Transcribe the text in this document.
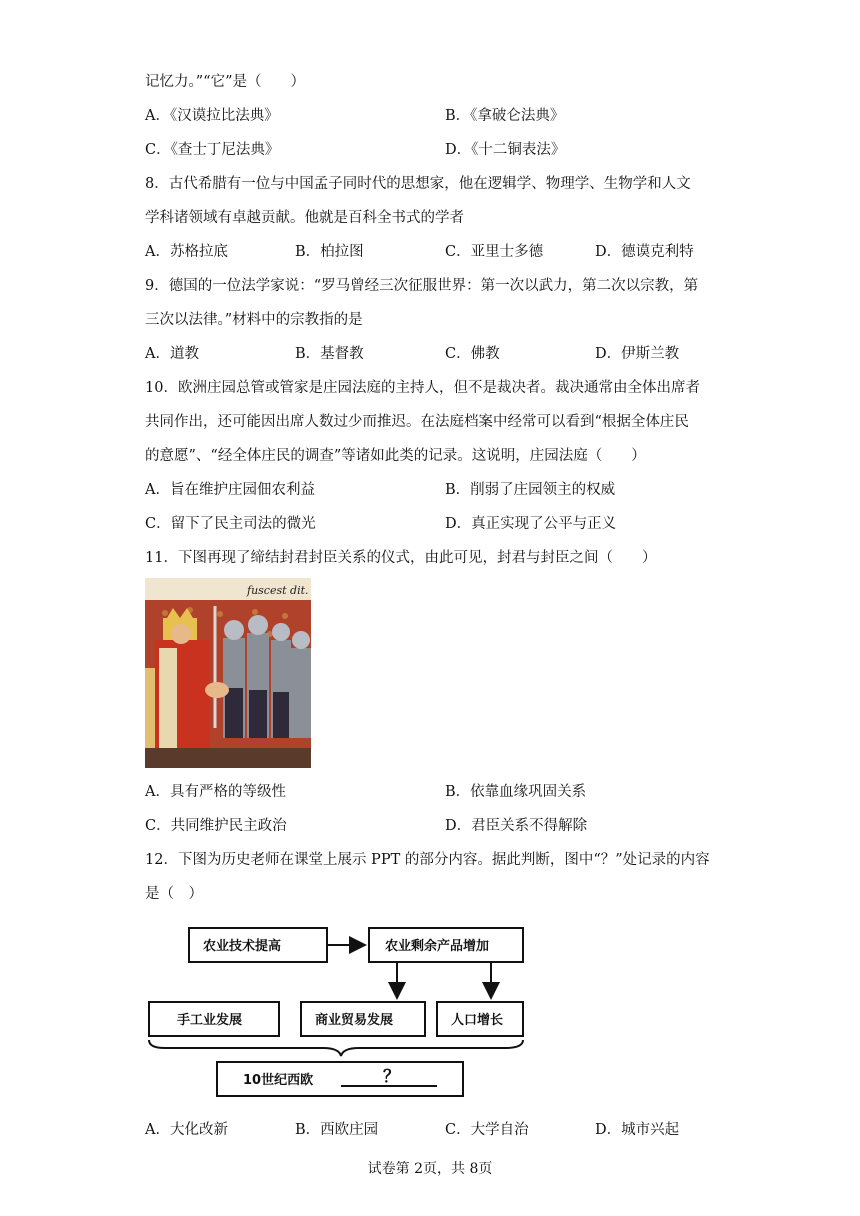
记忆力。”“它”是（　　）
A．《汉谟拉比法典》	B．《拿破仑法典》
C．《查士丁尼法典》	D．《十二铜表法》
8．古代希腊有一位与中国孟子同时代的思想家，他在逻辑学、物理学、生物学和人文
学科诸领域有卓越贡献。他就是百科全书式的学者
A．苏格拉底	B．柏拉图	C．亚里士多德	D．德谟克利特
9．德国的一位法学家说：“罗马曾经三次征服世界：第一次以武力，第二次以宗教，第
三次以法律。”材料中的宗教指的是
A．道教	B．基督教	C．佛教	D．伊斯兰教
10．欧洲庄园总管或管家是庄园法庭的主持人，但不是裁决者。裁决通常由全体出席者
共同作出，还可能因出席人数过少而推迟。在法庭档案中经常可以看到“根据全体庄民
的意愿”、“经全体庄民的调查”等诸如此类的记录。这说明，庄园法庭（　　）
A．旨在维护庄园佃农利益	B．削弱了庄园领主的权威
C．留下了民主司法的微光	D．真正实现了公平与正义
11．下图再现了缔结封君封臣关系的仪式，由此可见，封君与封臣之间（　　）
fuscest dit.
A．具有严格的等级性	B．依靠血缘巩固关系
C．共同维护民主政治	D．君臣关系不得解除
12．下图为历史老师在课堂上展示 PPT 的部分内容。据此判断，图中“？”处记录的内容
是（　）
农业技术提高	农业剩余产品增加
手工业发展	商业贸易发展	人口增长
10世纪西欧	？
A．大化改新	B．西欧庄园	C．大学自治	D．城市兴起
试卷第 2页，共 8页
